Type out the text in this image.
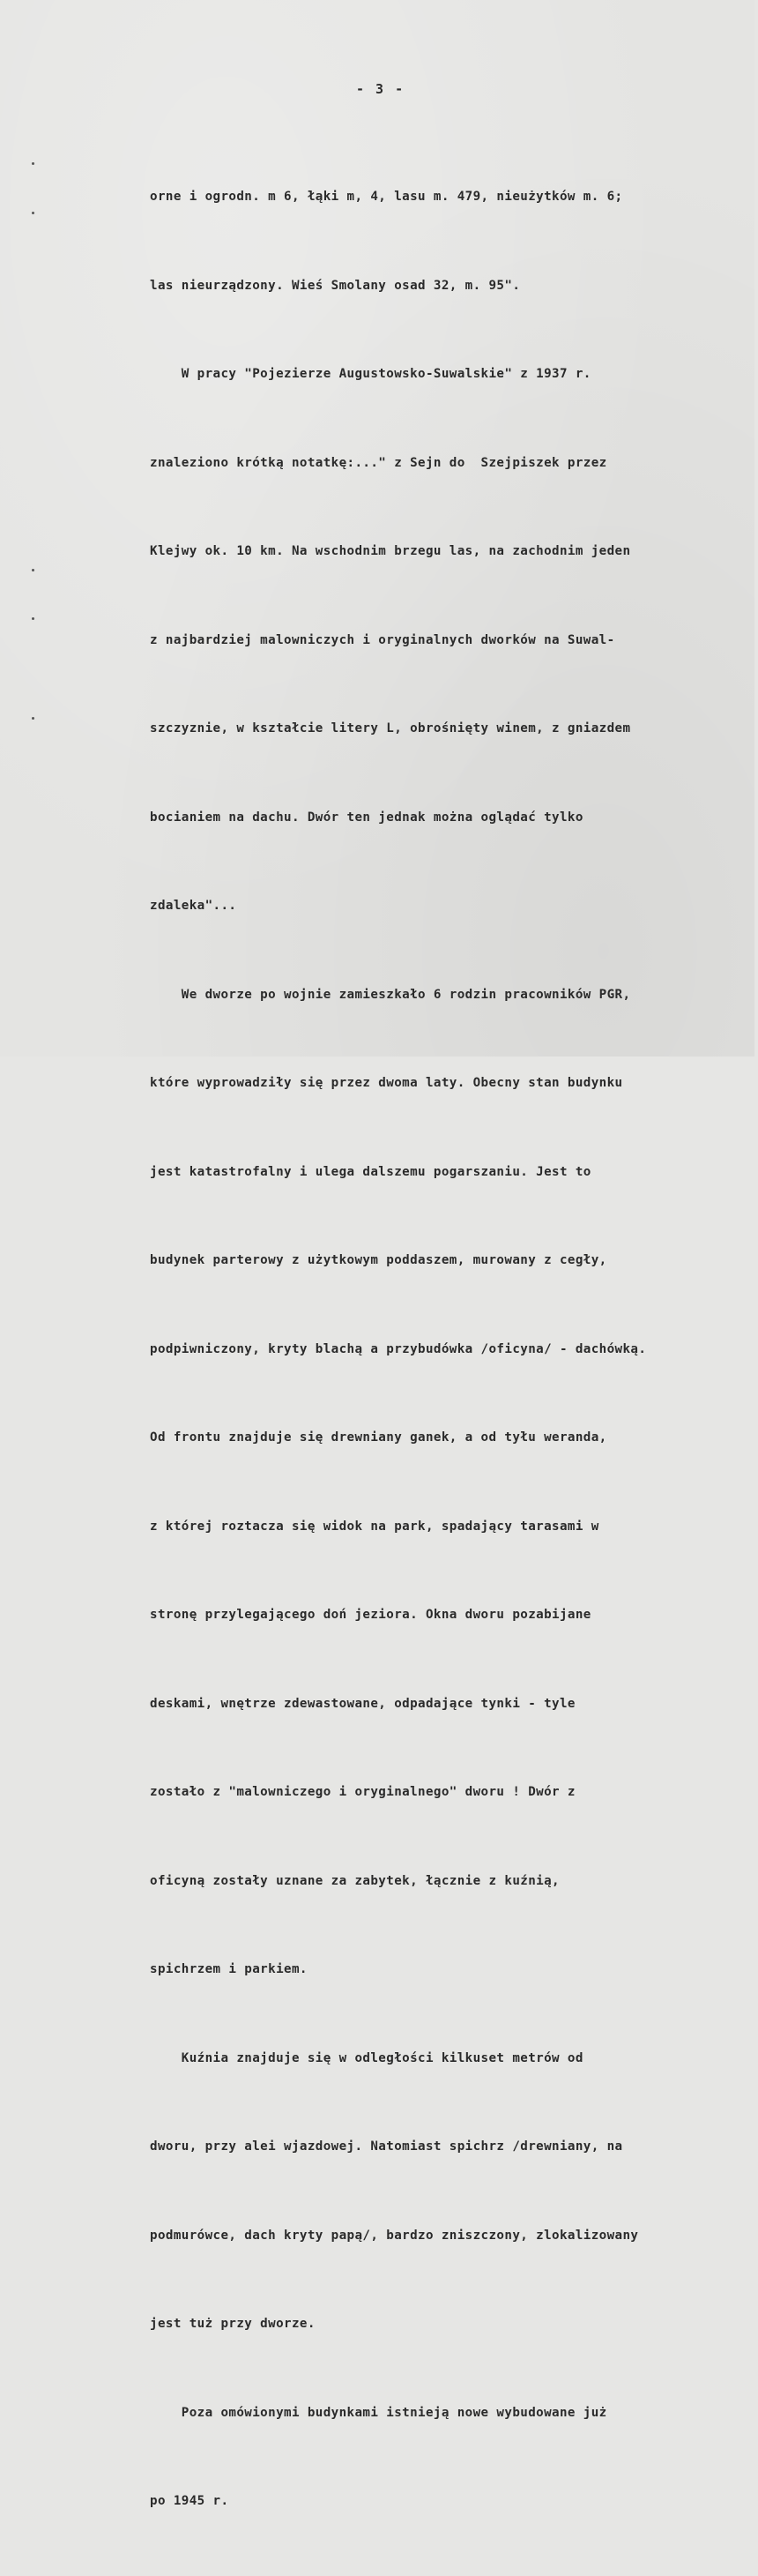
- 3 -

orne i ogrodn. m 6, łąki m, 4, lasu m. 479, nieużytków m. 6;

las nieurządzony. Wieś Smolany osad 32, m. 95".

W pracy "Pojezierze Augustowsko-Suwalskie" z 1937 r.

znaleziono krótką notatkę:..." z Sejn do  Szejpiszek przez

Klejwy ok. 10 km. Na wschodnim brzegu las, na zachodnim jeden

z najbardziej malowniczych i oryginalnych dworków na Suwal-

szczyznie, w kształcie litery L, obrośnięty winem, z gniazdem

bocianiem na dachu. Dwór ten jednak można oglądać tylko

zdaleka"...

We dworze po wojnie zamieszkało 6 rodzin pracowników PGR,

które wyprowadziły się przez dwoma laty. Obecny stan budynku

jest katastrofalny i ulega dalszemu pogarszaniu. Jest to

budynek parterowy z użytkowym poddaszem, murowany z cegły,

podpiwniczony, kryty blachą a przybudówka /oficyna/ - dachówką.

Od frontu znajduje się drewniany ganek, a od tyłu weranda,

z której roztacza się widok na park, spadający tarasami w

stronę przylegającego doń jeziora. Okna dworu pozabijane

deskami, wnętrze zdewastowane, odpadające tynki - tyle

zostało z "malowniczego i oryginalnego" dworu ! Dwór z

oficyną zostały uznane za zabytek, łącznie z kuźnią,

spichrzem i parkiem.

Kuźnia znajduje się w odległości kilkuset metrów od

dworu, przy alei wjazdowej. Natomiast spichrz /drewniany, na

podmurówce, dach kryty papą/, bardzo zniszczony, zlokalizowany

jest tuż przy dworze.

Poza omówionymi budynkami istnieją nowe wybudowane już

po 1945 r.
